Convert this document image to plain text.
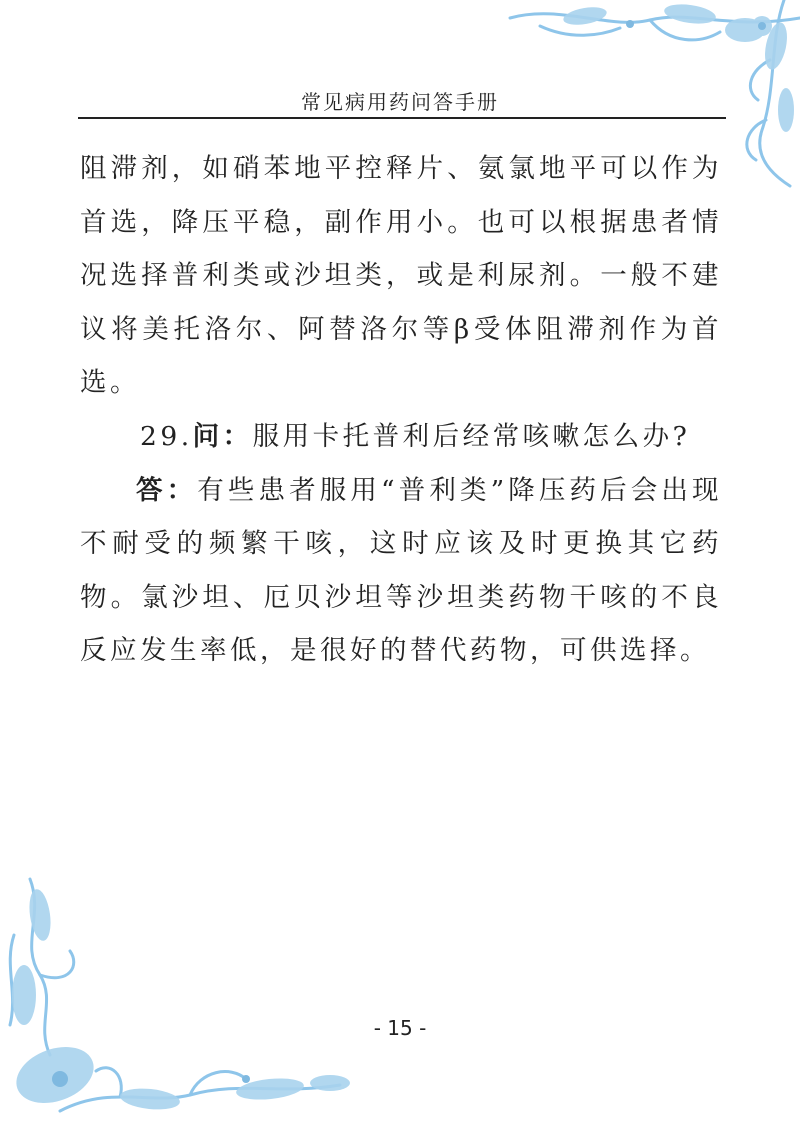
常见病用药问答手册

阻滞剂，如硝苯地平控释片、氨氯地平可以作为首选，降压平稳，副作用小。也可以根据患者情况选择普利类或沙坦类，或是利尿剂。一般不建议将美托洛尔、阿替洛尔等β受体阻滞剂作为首选。

29.问：服用卡托普利后经常咳嗽怎么办?
答：有些患者服用“普利类”降压药后会出现不耐受的频繁干咳，这时应该及时更换其它药物。氯沙坦、厄贝沙坦等沙坦类药物干咳的不良反应发生率低，是很好的替代药物，可供选择。
- 15 -
